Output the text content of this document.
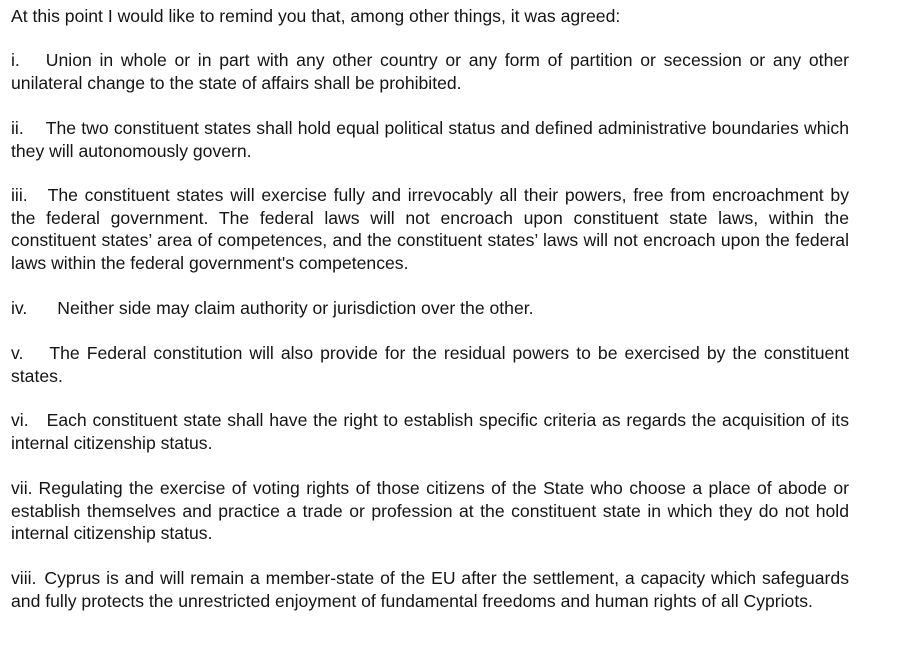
At this point I would like to remind you that, among other things, it was agreed:

i. Union in whole or in part with any other country or any form of partition or secession or any other unilateral change to the state of affairs shall be prohibited.

ii. The two constituent states shall hold equal political status and defined administrative boundaries which they will autonomously govern.

iii. The constituent states will exercise fully and irrevocably all their powers, free from encroachment by the federal government. The federal laws will not encroach upon constituent state laws, within the constituent states’ area of competences, and the constituent states’ laws will not encroach upon the federal laws within the federal government's competences.

iv. Neither side may claim authority or jurisdiction over the other.

v. The Federal constitution will also provide for the residual powers to be exercised by the constituent states.

vi. Each constituent state shall have the right to establish specific criteria as regards the acquisition of its internal citizenship status.

vii. Regulating the exercise of voting rights of those citizens of the State who choose a place of abode or establish themselves and practice a trade or profession at the constituent state in which they do not hold internal citizenship status.

viii. Cyprus is and will remain a member-state of the EU after the settlement, a capacity which safeguards and fully protects the unrestricted enjoyment of fundamental freedoms and human rights of all Cypriots.
